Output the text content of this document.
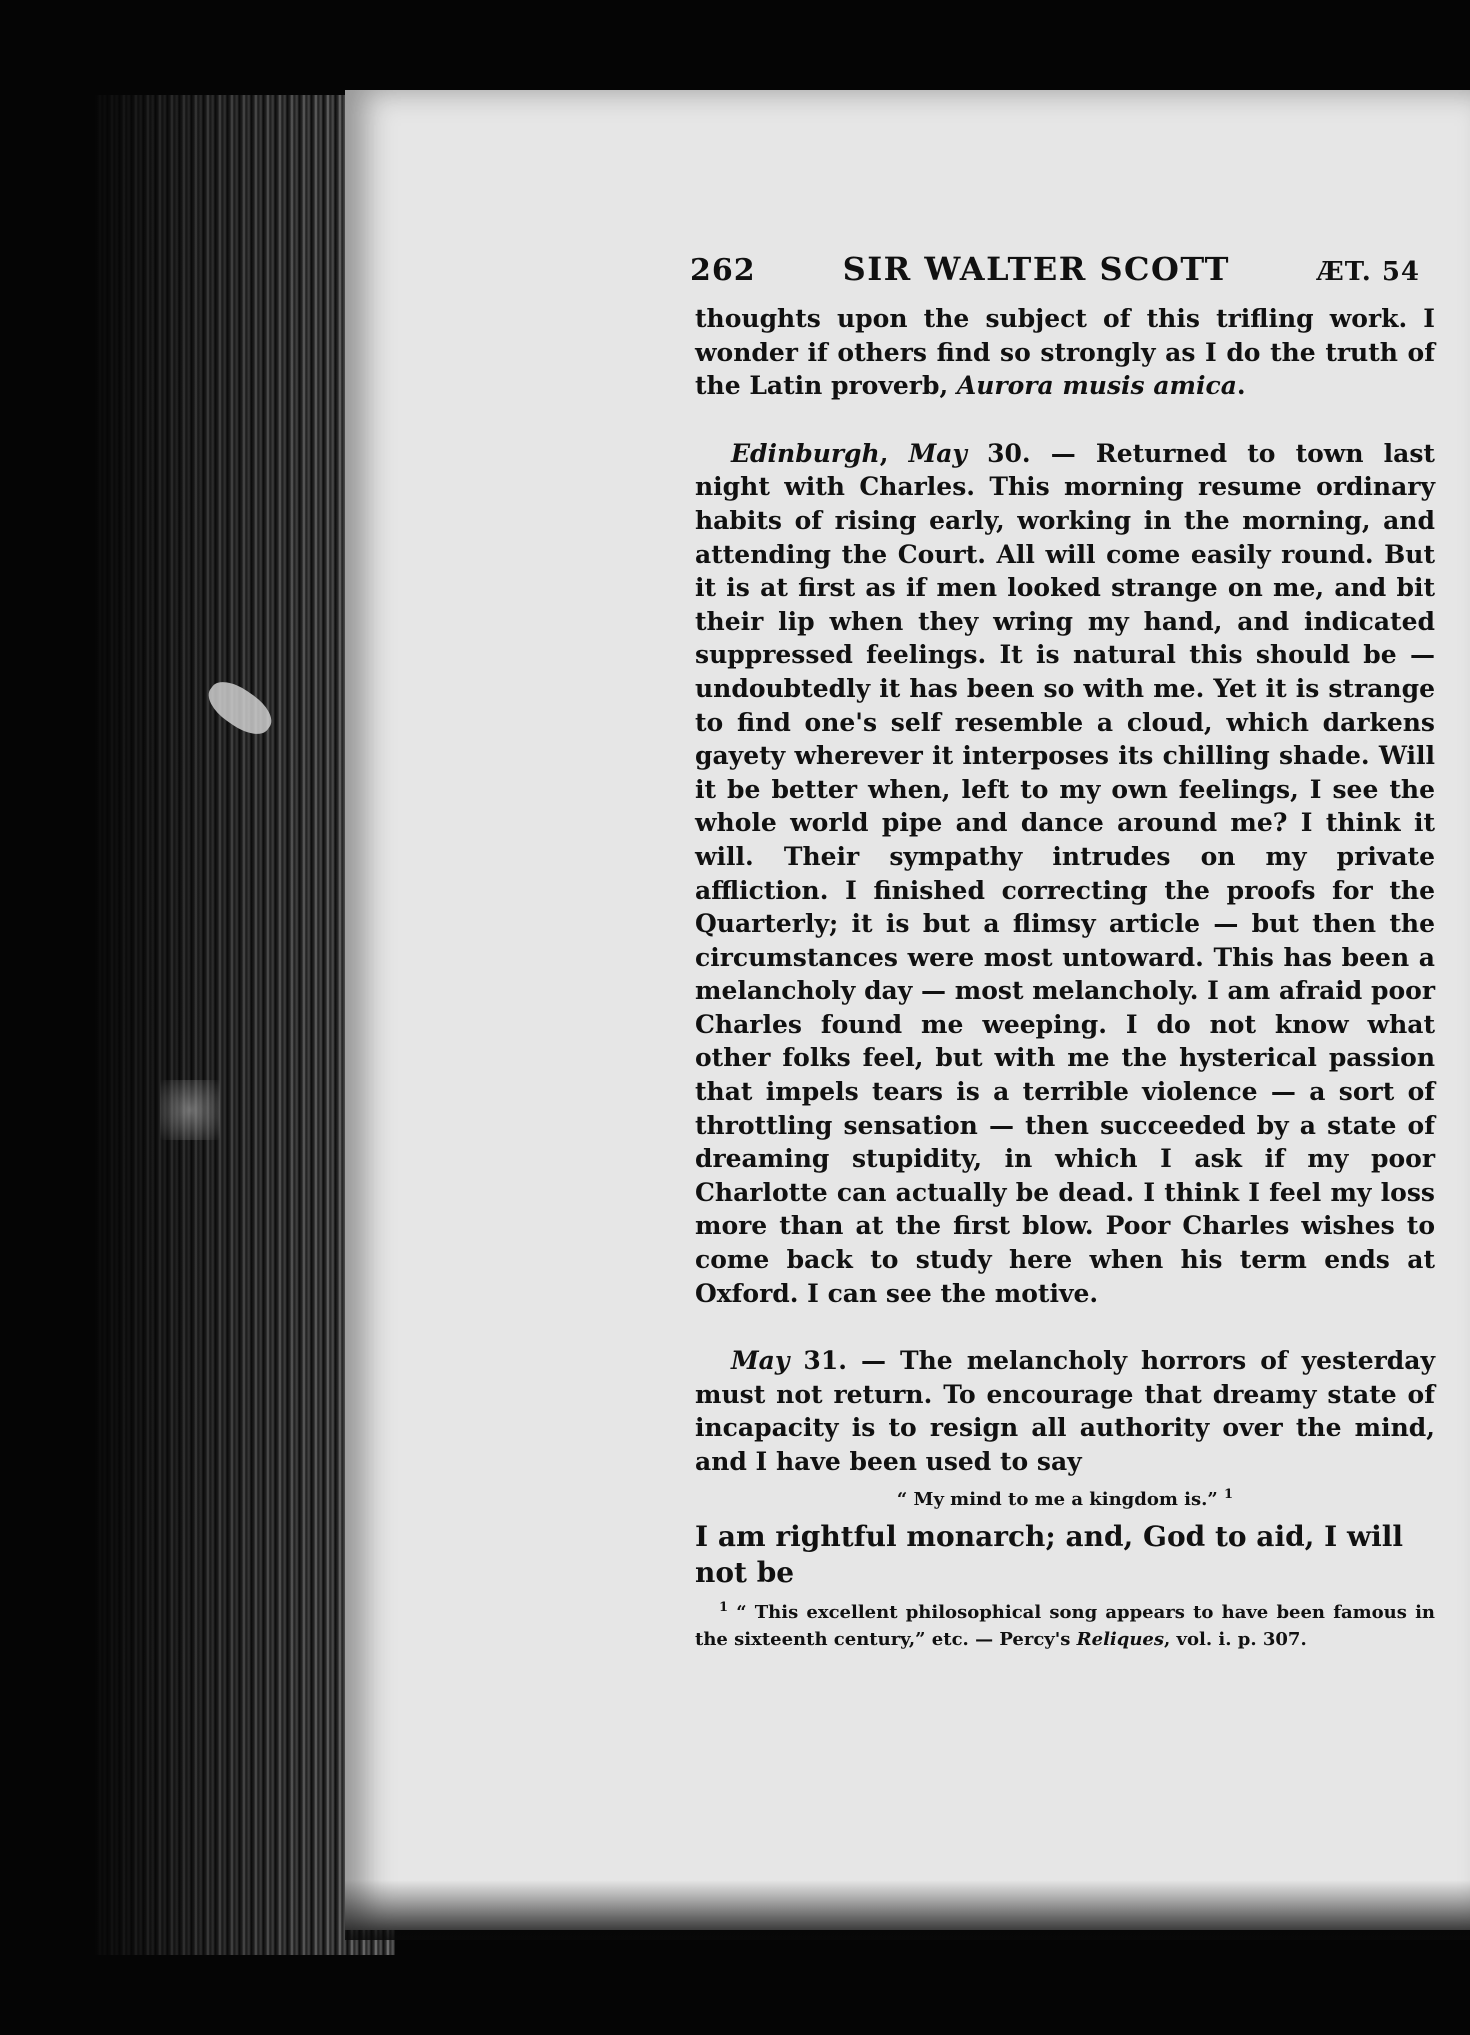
262	SIR WALTER SCOTT	ÆT. 54

thoughts upon the subject of this trifling work. I wonder if others find so strongly as I do the truth of the Latin proverb, Aurora musis amica.

Edinburgh, May 30. — Returned to town last night with Charles. This morning resume ordinary habits of rising early, working in the morning, and attending the Court. All will come easily round. But it is at first as if men looked strange on me, and bit their lip when they wring my hand, and indicated suppressed feelings. It is natural this should be — undoubtedly it has been so with me. Yet it is strange to find one's self resemble a cloud, which darkens gayety wherever it interposes its chilling shade. Will it be better when, left to my own feelings, I see the whole world pipe and dance around me? I think it will. Their sympathy intrudes on my private affliction. I finished correcting the proofs for the Quarterly; it is but a flimsy article — but then the circumstances were most untoward. This has been a melancholy day — most melancholy. I am afraid poor Charles found me weeping. I do not know what other folks feel, but with me the hysterical passion that impels tears is a terrible violence — a sort of throttling sensation — then succeeded by a state of dreaming stupidity, in which I ask if my poor Charlotte can actually be dead. I think I feel my loss more than at the first blow. Poor Charles wishes to come back to study here when his term ends at Oxford. I can see the motive.

May 31. — The melancholy horrors of yesterday must not return. To encourage that dreamy state of incapacity is to resign all authority over the mind, and I have been used to say

“ My mind to me a kingdom is.” $^1$

I am rightful monarch; and, God to aid, I will not be

$^1$ “ This excellent philosophical song appears to have been famous in the sixteenth century,” etc. — Percy's Reliques, vol. i. p. 307.
